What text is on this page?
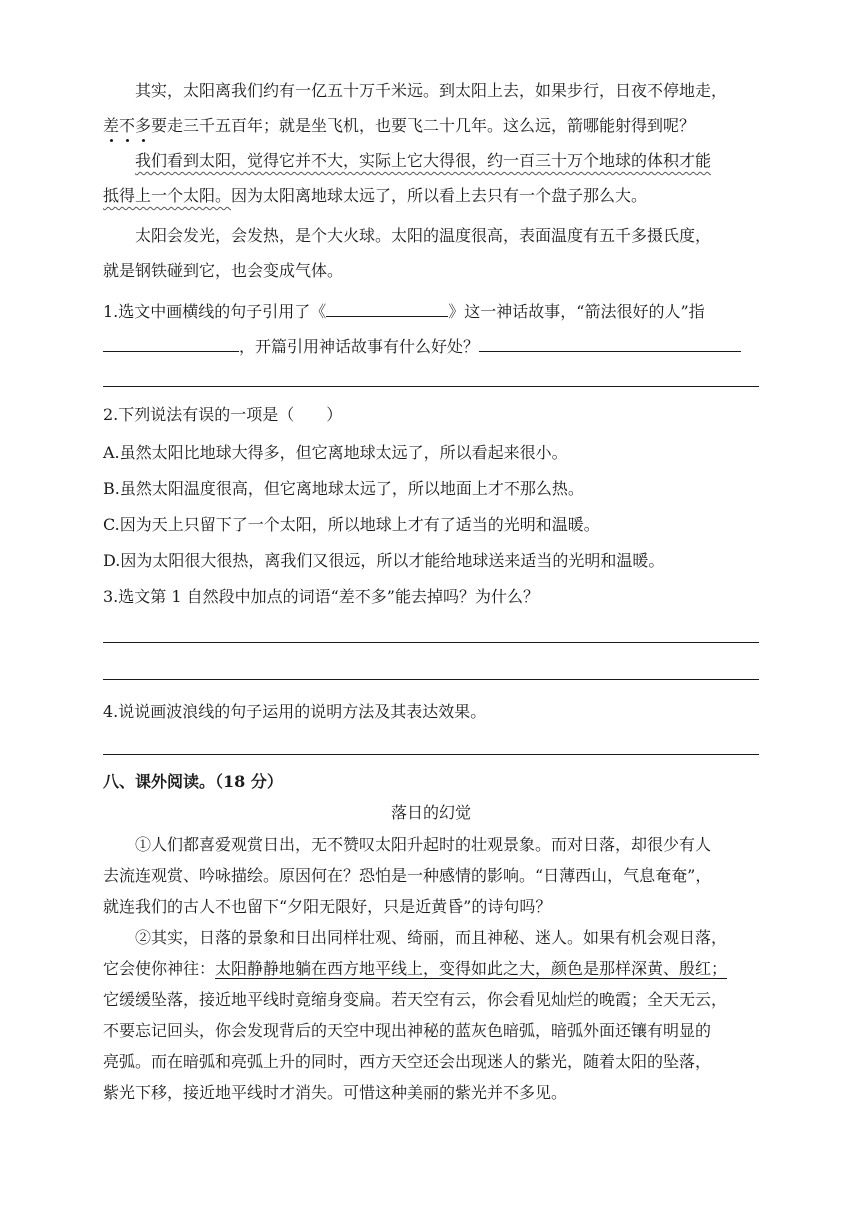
其实，太阳离我们约有一亿五十万千米远。到太阳上去，如果步行，日夜不停地走，
差不多要走三千五百年；就是坐飞机，也要飞二十几年。这么远，箭哪能射得到呢？
我们看到太阳，觉得它并不大，实际上它大得很，约一百三十万个地球的体积才能
抵得上一个太阳。因为太阳离地球太远了，所以看上去只有一个盘子那么大。
太阳会发光，会发热，是个大火球。太阳的温度很高，表面温度有五千多摄氏度，
就是钢铁碰到它，也会变成气体。
1.选文中画横线的句子引用了《	》这一神话故事，“箭法很好的人”指
，开篇引用神话故事有什么好处？
2.下列说法有误的一项是（　　）
A.虽然太阳比地球大得多，但它离地球太远了，所以看起来很小。
B.虽然太阳温度很高，但它离地球太远了，所以地面上才不那么热。
C.因为天上只留下了一个太阳，所以地球上才有了适当的光明和温暖。
D.因为太阳很大很热，离我们又很远，所以才能给地球送来适当的光明和温暖。
3.选文第 1 自然段中加点的词语“差不多”能去掉吗？为什么？
4.说说画波浪线的句子运用的说明方法及其表达效果。
八、课外阅读。（18 分）
落日的幻觉
①人们都喜爱观赏日出，无不赞叹太阳升起时的壮观景象。而对日落，却很少有人
去流连观赏、吟咏描绘。原因何在？恐怕是一种感情的影响。“日薄西山，气息奄奄”，
就连我们的古人不也留下“夕阳无限好，只是近黄昏”的诗句吗？
②其实，日落的景象和日出同样壮观、绮丽，而且神秘、迷人。如果有机会观日落，
它会使你神往：太阳静静地躺在西方地平线上，变得如此之大，颜色是那样深黄、殷红；
它缓缓坠落，接近地平线时竟缩身变扁。若天空有云，你会看见灿烂的晚霞；全天无云，
不要忘记回头，你会发现背后的天空中现出神秘的蓝灰色暗弧，暗弧外面还镶有明显的
亮弧。而在暗弧和亮弧上升的同时，西方天空还会出现迷人的紫光，随着太阳的坠落，
紫光下移，接近地平线时才消失。可惜这种美丽的紫光并不多见。
